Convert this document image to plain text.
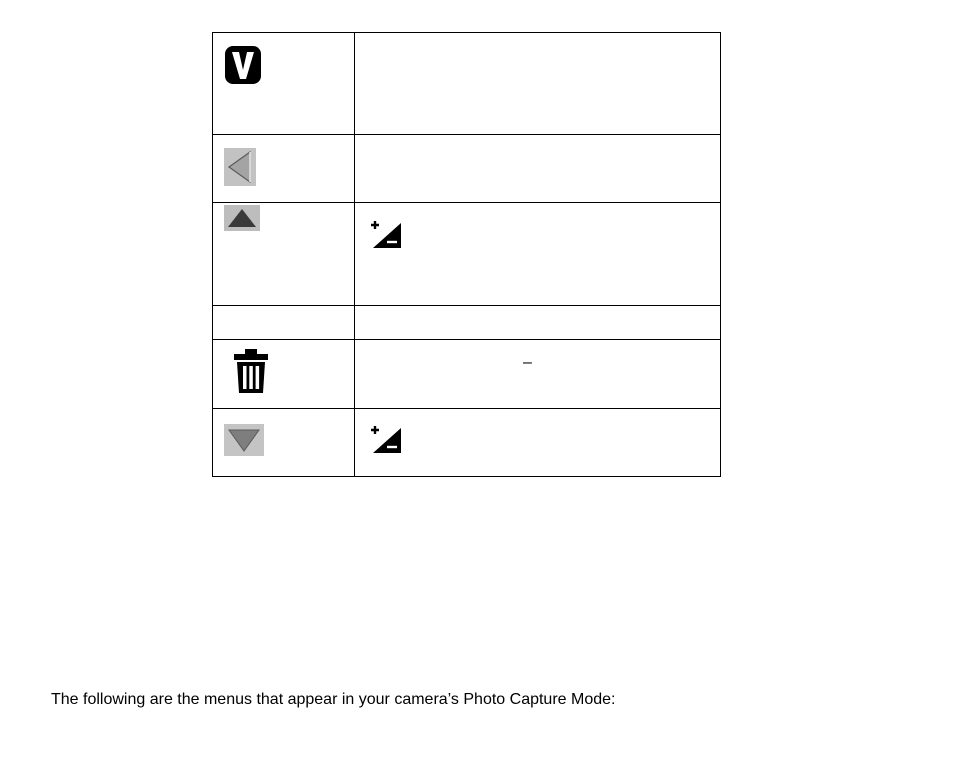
–

The following are the menus that appear in your camera’s Photo Capture Mode:
